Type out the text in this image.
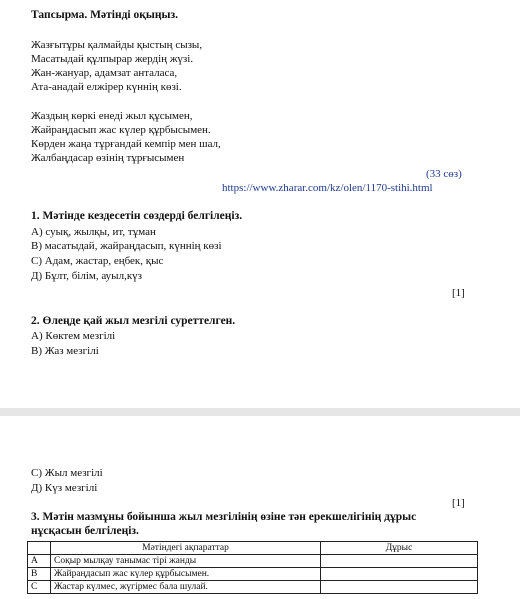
Тапсырма. Мәтінді оқыңыз.
Жазғытұры қалмайды қыстың сызы,
Масатыдай құлпырар жердің жүзі.
Жан-жануар, адамзат анталаса,
Ата-анадай елжірер күннің көзі.
Жаздың көркі енеді жыл құсымен,
Жайраңдасып жас күлер құрбысымен.
Көрден жаңа тұрғандай кемпір мен шал,
Жалбаңдасар өзінің тұрғысымен
(33 сөз)
https://www.zharar.com/kz/olen/1170-stihi.html
1. Мәтінде кездесетін сөздерді белгілеңіз.
А) суық, жылқы, ит, тұман
В) масатыдай, жайраңдасып, күннің көзі
С) Адам, жастар, еңбек, қыс
Д) Бұлт, білім, ауыл,күз
[1]
2. Өлеңде қай жыл мезгілі суреттелген.
А) Көктем мезгілі
В) Жаз мезгілі
С) Жыл мезгілі
Д) Күз мезгілі
[1]
3. Мәтін мазмұны бойынша жыл мезгілінің өзіне тән ерекшелігінің дұрыс
нұсқасын белгілеңіз.
	Мәтіндегі ақпараттар	Дұрыс
A	Соқыр мылқау танымас тірі жанды	
B	Жайраңдасып жас күлер құрбысымен.	
C	Жастар күлмес, жүгірмес бала шулай.	
